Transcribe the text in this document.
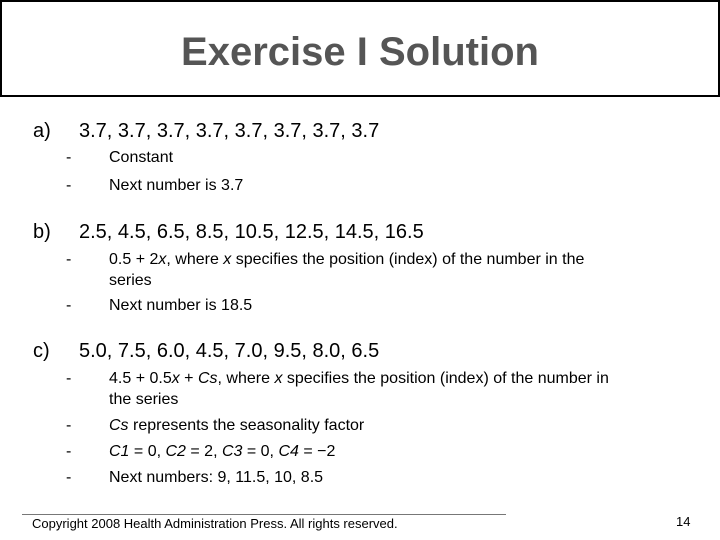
Exercise I Solution
a) 3.7, 3.7, 3.7, 3.7, 3.7, 3.7, 3.7, 3.7
- Constant
- Next number is 3.7
b) 2.5, 4.5, 6.5, 8.5, 10.5, 12.5, 14.5, 16.5
- 0.5 + 2x, where x specifies the position (index) of the number in the
series
- Next number is 18.5
c) 5.0, 7.5, 6.0, 4.5, 7.0, 9.5, 8.0, 6.5
- 4.5 + 0.5x + Cs, where x specifies the position (index) of the number in
the series
- Cs represents the seasonality factor
- C1 = 0, C2 = 2, C3 = 0, C4 = −2
- Next numbers: 9, 11.5, 10, 8.5
Copyright 2008 Health Administration Press. All rights reserved.	14
